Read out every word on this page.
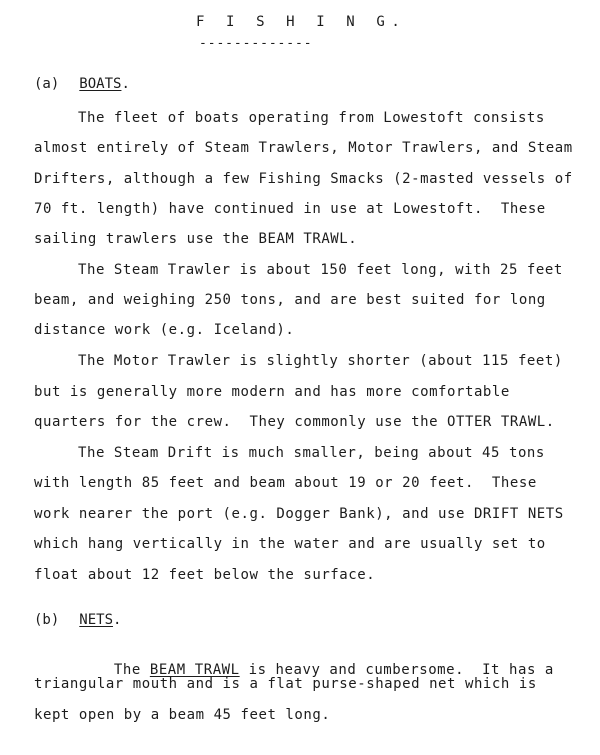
F I S H I N G.
-------------
(a) BOATS.
The fleet of boats operating from Lowestoft consists
almost entirely of Steam Trawlers, Motor Trawlers, and Steam
Drifters, although a few Fishing Smacks (2-masted vessels of
70 ft. length) have continued in use at Lowestoft.  These
sailing trawlers use the BEAM TRAWL.
The Steam Trawler is about 150 feet long, with 25 feet
beam, and weighing 250 tons, and are best suited for long
distance work (e.g. Iceland).
The Motor Trawler is slightly shorter (about 115 feet)
but is generally more modern and has more comfortable
quarters for the crew.  They commonly use the OTTER TRAWL.
The Steam Drift is much smaller, being about 45 tons
with length 85 feet and beam about 19 or 20 feet.  These
work nearer the port (e.g. Dogger Bank), and use DRIFT NETS
which hang vertically in the water and are usually set to
float about 12 feet below the surface.
(b) NETS.

The BEAM TRAWL is heavy and cumbersome.  It has a

triangular mouth and is a flat purse-shaped net which is
kept open by a beam 45 feet long.
